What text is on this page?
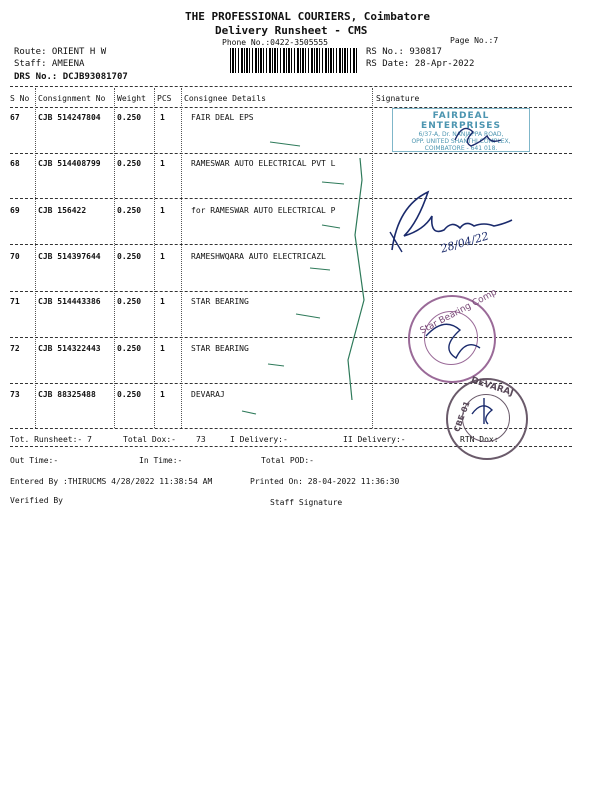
THE PROFESSIONAL COURIERS, Coimbatore
Delivery Runsheet - CMS
Phone No.:0422-3505555	Page No.:7
Route: ORIENT H W
Staff: AMEENA
DRS No.: DCJB93081707
RS No.: 930817
RS Date: 28-Apr-2022
S No Consignment No Weight PCS Consignee Details	Signature
67 CJB 514247804 0.250 1	FAIR DEAL EPS
68 CJB 514408799 0.250 1	RAMESWAR AUTO ELECTRICAL PVT L
69 CJB 156422	0.250 1	for RAMESWAR AUTO ELECTRICAL P
70 CJB 514397644 0.250 1	RAMESHWQARA AUTO ELECTRICAZL
71 CJB 514443386 0.250 1	STAR BEARING
72 CJB 514322443 0.250 1	STAR BEARING
73 CJB 88325488	0.250 1	DEVARAJ
Tot. Runsheet:- 7	Total Dox:-	73	I Delivery:-	II Delivery:-	RTN Dox:
Out Time:-	In Time:-	Total POD:-
Entered By :THIRUCMS 4/28/2022 11:38:54 AM	Printed On: 28-04-2022 11:36:30
Verified By	Staff Signature
FAIRDEAL ENTERPRISES
6/37-A, Dr. NANJAPPA ROAD,
OPP. UNITED SHANTHI COMPLEX,
COIMBATORE - 641 018.
28/04/22
Star Bearing Comp
DEVARAJ
CBE-01
